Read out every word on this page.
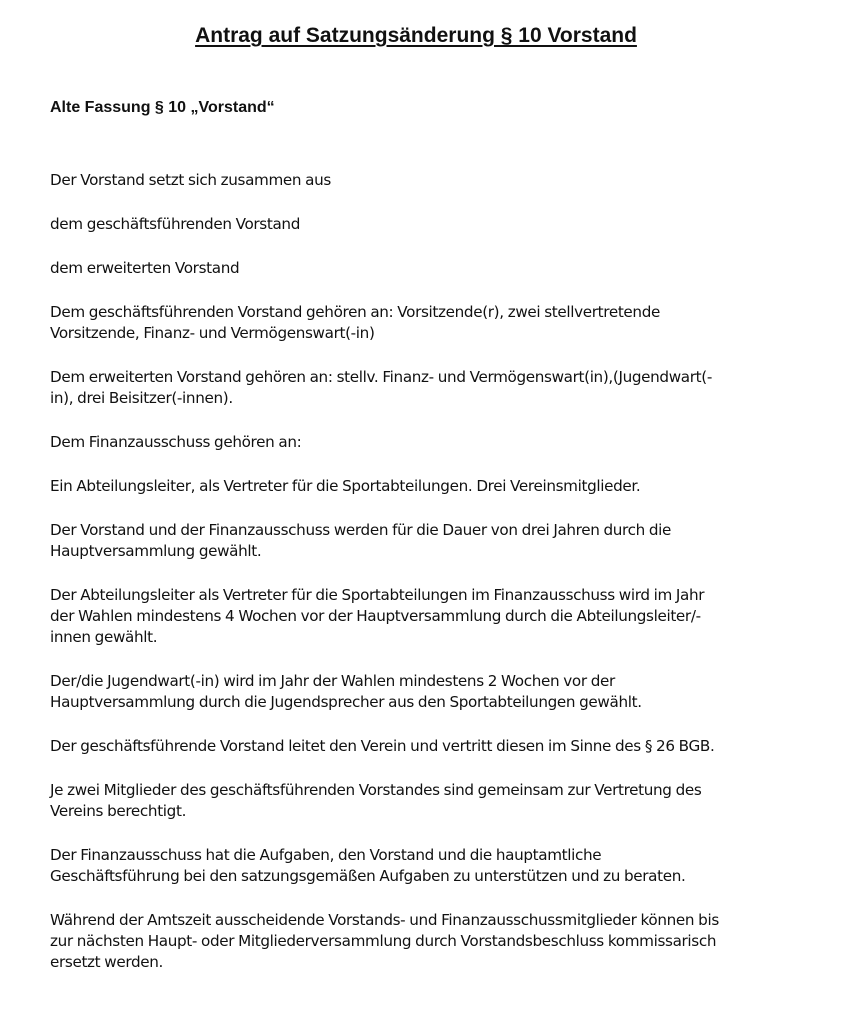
Antrag auf Satzungsänderung § 10 Vorstand
Alte Fassung § 10 „Vorstand“

Der Vorstand setzt sich zusammen aus

dem geschäftsführenden Vorstand

dem erweiterten Vorstand

Dem geschäftsführenden Vorstand gehören an: Vorsitzende(r), zwei stellvertretende
Vorsitzende, Finanz- und Vermögenswart(-in)

Dem erweiterten Vorstand gehören an: stellv. Finanz- und Vermögenswart(in),(Jugendwart(-
in), drei Beisitzer(-innen).

Dem Finanzausschuss gehören an:

Ein Abteilungsleiter, als Vertreter für die Sportabteilungen. Drei Vereinsmitglieder.

Der Vorstand und der Finanzausschuss werden für die Dauer von drei Jahren durch die
Hauptversammlung gewählt.

Der Abteilungsleiter als Vertreter für die Sportabteilungen im Finanzausschuss wird im Jahr
der Wahlen mindestens 4 Wochen vor der Hauptversammlung durch die Abteilungsleiter/-
innen gewählt.

Der/die Jugendwart(-in) wird im Jahr der Wahlen mindestens 2 Wochen vor der
Hauptversammlung durch die Jugendsprecher aus den Sportabteilungen gewählt.

Der geschäftsführende Vorstand leitet den Verein und vertritt diesen im Sinne des § 26 BGB.

Je zwei Mitglieder des geschäftsführenden Vorstandes sind gemeinsam zur Vertretung des
Vereins berechtigt.

Der Finanzausschuss hat die Aufgaben, den Vorstand und die hauptamtliche
Geschäftsführung bei den satzungsgemäßen Aufgaben zu unterstützen und zu beraten.

Während der Amtszeit ausscheidende Vorstands- und Finanzausschussmitglieder können bis
zur nächsten Haupt- oder Mitgliederversammlung durch Vorstandsbeschluss kommissarisch
ersetzt werden.
